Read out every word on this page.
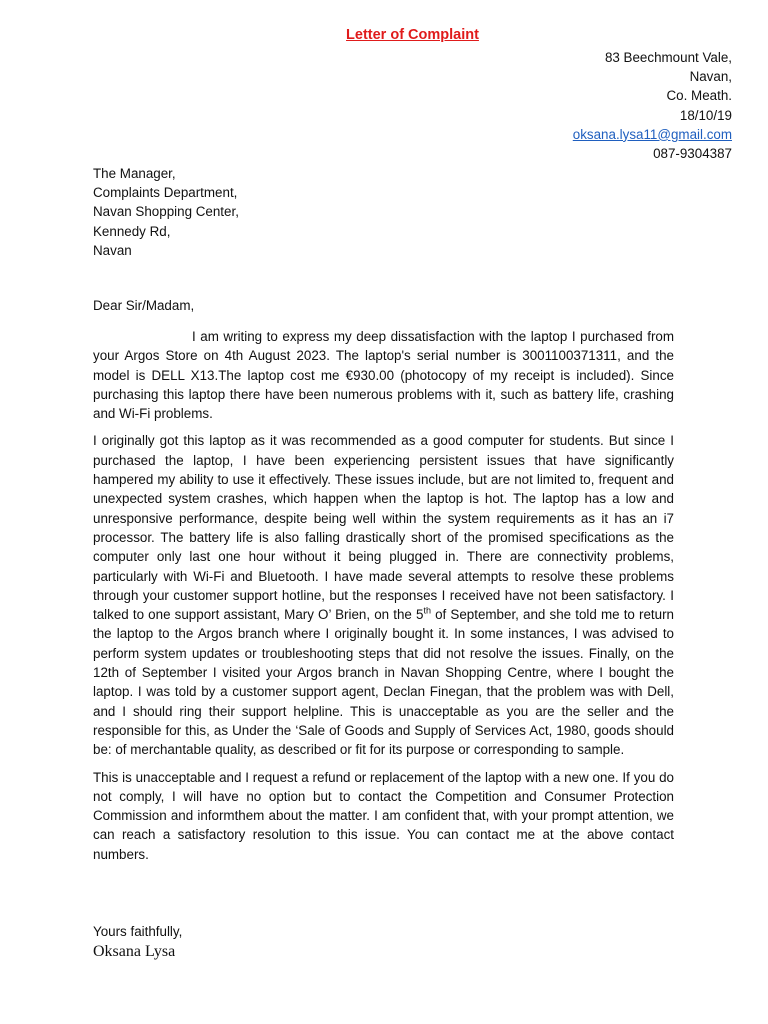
Letter of Complaint
83 Beechmount Vale,
Navan,
Co. Meath.
18/10/19
oksana.lysa11@gmail.com
087-9304387
The Manager,
Complaints Department,
Navan Shopping Center,
Kennedy Rd,
Navan
Dear Sir/Madam,

I am writing to express my deep dissatisfaction with the laptop I purchased from your Argos Store on 4th August 2023. The laptop's serial number is 3001100371311, and the model is DELL X13.The laptop cost me €930.00 (photocopy of my receipt is included). Since purchasing this laptop there have been numerous problems with it, such as battery life, crashing and Wi-Fi problems.

I originally got this laptop as it was recommended as a good computer for students. But since I purchased the laptop, I have been experiencing persistent issues that have significantly hampered my ability to use it effectively. These issues include, but are not limited to, frequent and unexpected system crashes, which happen when the laptop is hot. The laptop has a low and unresponsive performance, despite being well within the system requirements as it has an i7 processor. The battery life is also falling drastically short of the promised specifications as the computer only last one hour without it being plugged in. There are connectivity problems, particularly with Wi-Fi and Bluetooth. I have made several attempts to resolve these problems through your customer support hotline, but the responses I received have not been satisfactory. I talked to one support assistant, Mary O’ Brien, on the 5th of September, and she told me to return the laptop to the Argos branch where I originally bought it. In some instances, I was advised to perform system updates or troubleshooting steps that did not resolve the issues. Finally, on the 12th of September I visited your Argos branch in Navan Shopping Centre, where I bought the laptop. I was told by a customer support agent, Declan Finegan, that the problem was with Dell, and I should ring their support helpline. This is unacceptable as you are the seller and the responsible for this, as Under the ‘Sale of Goods and Supply of Services Act, 1980, goods should be: of merchantable quality, as described or fit for its purpose or corresponding to sample.

This is unacceptable and I request a refund or replacement of the laptop with a new one. If you do not comply, I will have no option but to contact the Competition and Consumer Protection Commission and informthem about the matter. I am confident that, with your prompt attention, we can reach a satisfactory resolution to this issue. You can contact me at the above contact numbers.

Yours faithfully,
Oksana Lysa
